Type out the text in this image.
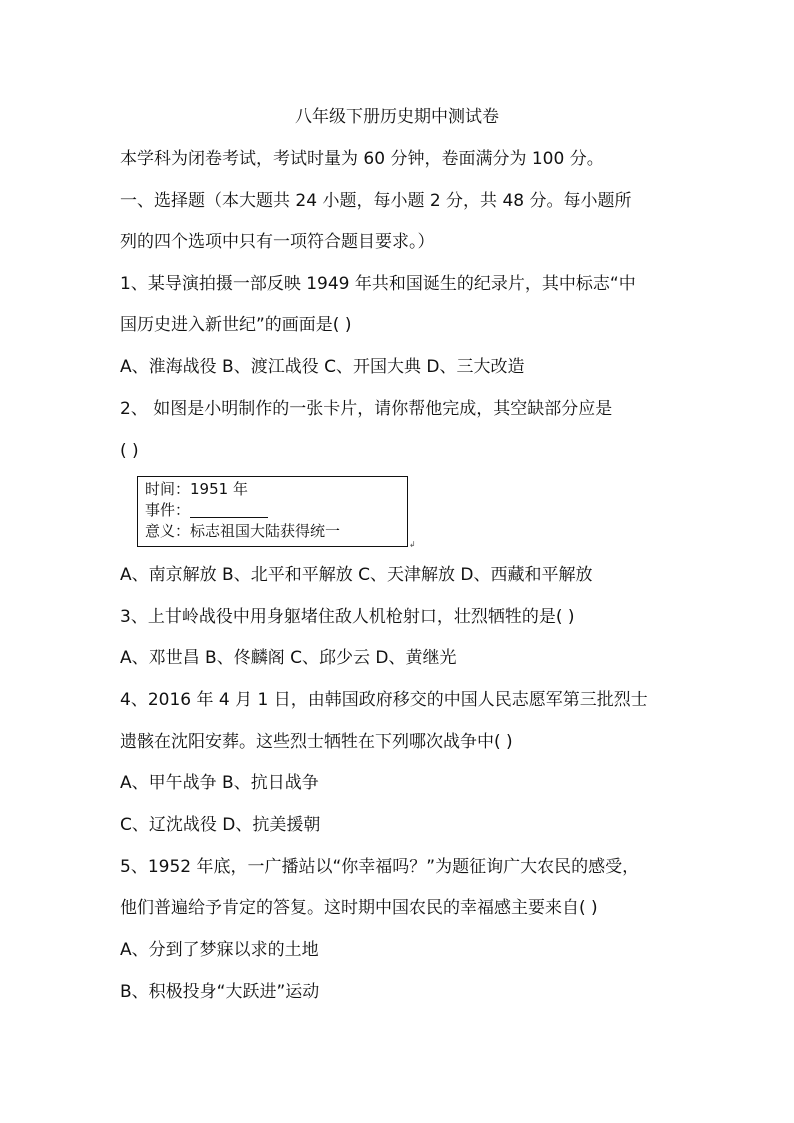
八年级下册历史期中测试卷
本学科为闭卷考试，考试时量为 60 分钟，卷面满分为 100 分。
一、选择题（本大题共 24 小题，每小题 2 分，共 48 分。每小题所
列的四个选项中只有一项符合题目要求。）
1、某导演拍摄一部反映 1949 年共和国诞生的纪录片，其中标志“中
国历史进入新世纪”的画面是( )
A、淮海战役 B、渡江战役 C、开国大典 D、三大改造
2、 如图是小明制作的一张卡片，请你帮他完成，其空缺部分应是
( )
时间：1951 年
事件：
意义：标志祖国大陆获得统一
↲
A、南京解放 B、北平和平解放 C、天津解放 D、西藏和平解放
3、上甘岭战役中用身躯堵住敌人机枪射口，壮烈牺牲的是( )
A、邓世昌 B、佟麟阁 C、邱少云 D、黄继光
4、2016 年 4 月 1 日，由韩国政府移交的中国人民志愿军第三批烈士
遗骸在沈阳安葬。这些烈士牺牲在下列哪次战争中( )
A、甲午战争 B、抗日战争
C、辽沈战役 D、抗美援朝
5、1952 年底，一广播站以“你幸福吗？”为题征询广大农民的感受，
他们普遍给予肯定的答复。这时期中国农民的幸福感主要来自( )
A、分到了梦寐以求的土地
B、积极投身“大跃进”运动
